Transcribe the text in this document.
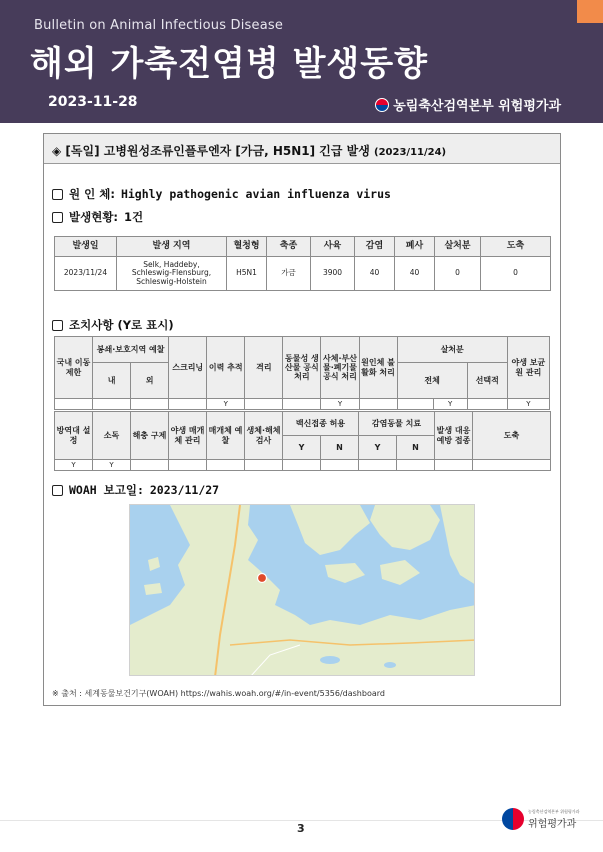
Bulletin on Animal Infectious Disease
해외 가축전염병 발생동향
2023-11-28	농림축산검역본부 위험평가과
◈ [독일] 고병원성조류인플루엔자 [가금, H5N1] 긴급 발생 (2023/11/24)
원 인 체: Highly pathogenic avian influenza virus
발생현황: 1건
발생일	발생 지역	혈청형	축종	사육	감염	폐사	살처분	도축
2023/11/24	Selk, Haddeby,
Schleswig-Flensburg,
Schleswig-Holstein	H5N1	가금	3900	40	40	0	0
조치사항 (Y로 표시)
국내 이동 제한	봉쇄·보호지역 예찰		스크리닝	이력 추적	격리	동물성 생산물 공식 처리	사체·부산물·폐기물 공식 처리	원인체 불활화 처리	살처분			야생 보균원 관리
	내	외							전체		선택적	
				Y			Y			Y		Y
방역대 설정	소독	해충 구제	야생 매개체 관리	매개체 예찰	생체·해체 검사	백신접종 허용		감염동물 치료		발생 대응 예방 접종	도축
						Y	N	Y	N		
Y	Y										
WOAH 보고일: 2023/11/27
※ 출처 : 세계동물보건기구(WOAH) https://wahis.woah.org/#/in-event/5356/dashboard
3
농림축산검역본부 위험평가과
위험평가과
